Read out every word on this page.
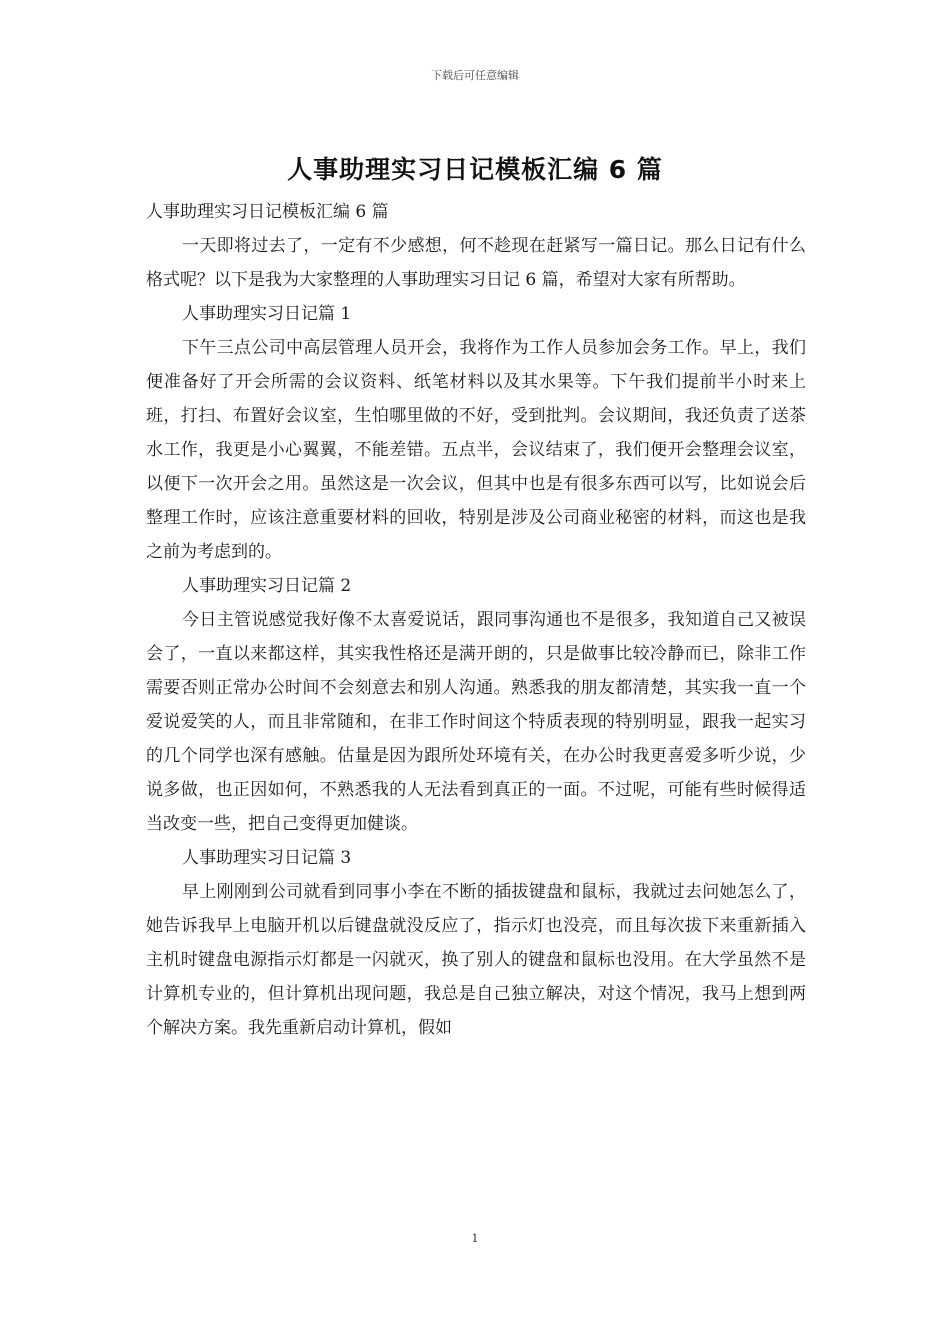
下载后可任意编辑
人事助理实习日记模板汇编 6 篇

人事助理实习日记模板汇编 6 篇

一天即将过去了，一定有不少感想，何不趁现在赶紧写一篇日记。那么日记有什么格式呢？以下是我为大家整理的人事助理实习日记 6 篇，希望对大家有所帮助。

人事助理实习日记篇 1

下午三点公司中高层管理人员开会，我将作为工作人员参加会务工作。早上，我们便准备好了开会所需的会议资料、纸笔材料以及其水果等。下午我们提前半小时来上班，打扫、布置好会议室，生怕哪里做的不好，受到批判。会议期间，我还负责了送茶水工作，我更是小心翼翼，不能差错。五点半，会议结束了，我们便开会整理会议室，以便下一次开会之用。虽然这是一次会议，但其中也是有很多东西可以写，比如说会后整理工作时，应该注意重要材料的回收，特别是涉及公司商业秘密的材料，而这也是我之前为考虑到的。

人事助理实习日记篇 2

今日主管说感觉我好像不太喜爱说话，跟同事沟通也不是很多，我知道自己又被误会了，一直以来都这样，其实我性格还是满开朗的，只是做事比较冷静而已，除非工作需要否则正常办公时间不会刻意去和别人沟通。熟悉我的朋友都清楚，其实我一直一个爱说爱笑的人，而且非常随和，在非工作时间这个特质表现的特别明显，跟我一起实习的几个同学也深有感触。估量是因为跟所处环境有关，在办公时我更喜爱多听少说，少说多做，也正因如何，不熟悉我的人无法看到真正的一面。不过呢，可能有些时候得适当改变一些，把自己变得更加健谈。

人事助理实习日记篇 3

早上刚刚到公司就看到同事小李在不断的插拔键盘和鼠标，我就过去问她怎么了，她告诉我早上电脑开机以后键盘就没反应了，指示灯也没亮，而且每次拔下来重新插入主机时键盘电源指示灯都是一闪就灭，换了别人的键盘和鼠标也没用。在大学虽然不是计算机专业的，但计算机出现问题，我总是自己独立解决，对这个情况，我马上想到两个解决方案。我先重新启动计算机，假如

1
